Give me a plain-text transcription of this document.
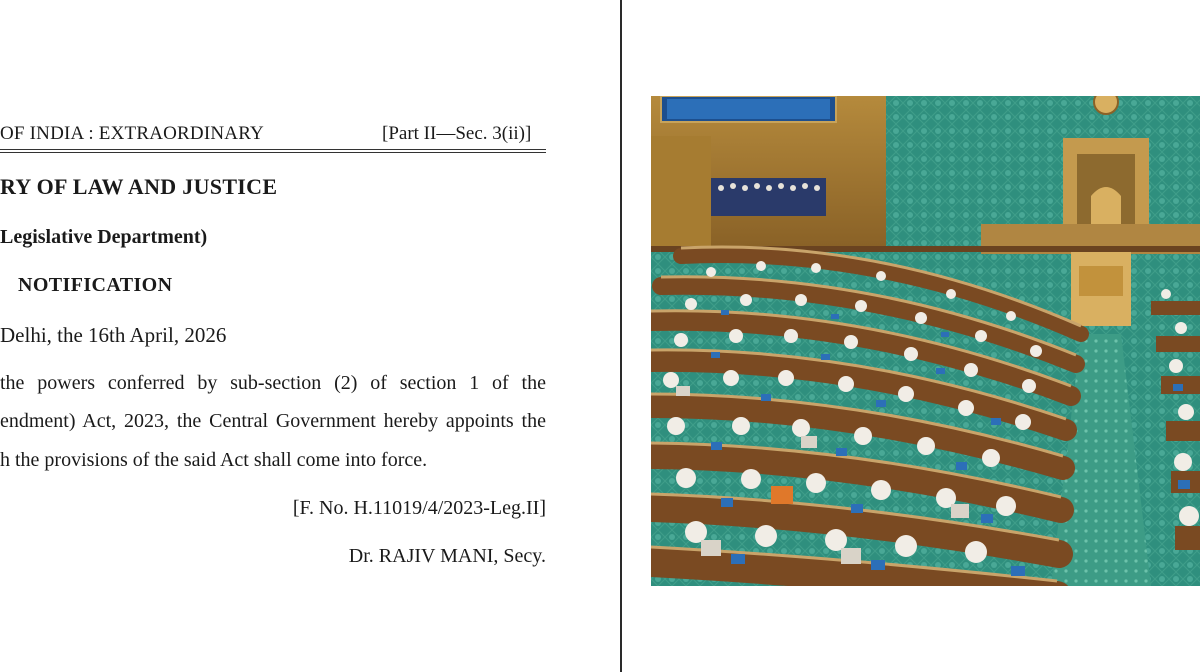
OF INDIA : EXTRAORDINARY	[Part II—Sec. 3(ii)]
RY OF LAW AND JUSTICE
Legislative Department)
NOTIFICATION
Delhi, the 16th April, 2026
the powers conferred by sub-section (2) of section 1 of the
endment) Act, 2023, the Central Government hereby appoints the
h the provisions of the said Act shall come into force.
[F. No. H.11019/4/2023-Leg.II]
Dr. RAJIV MANI, Secy.
